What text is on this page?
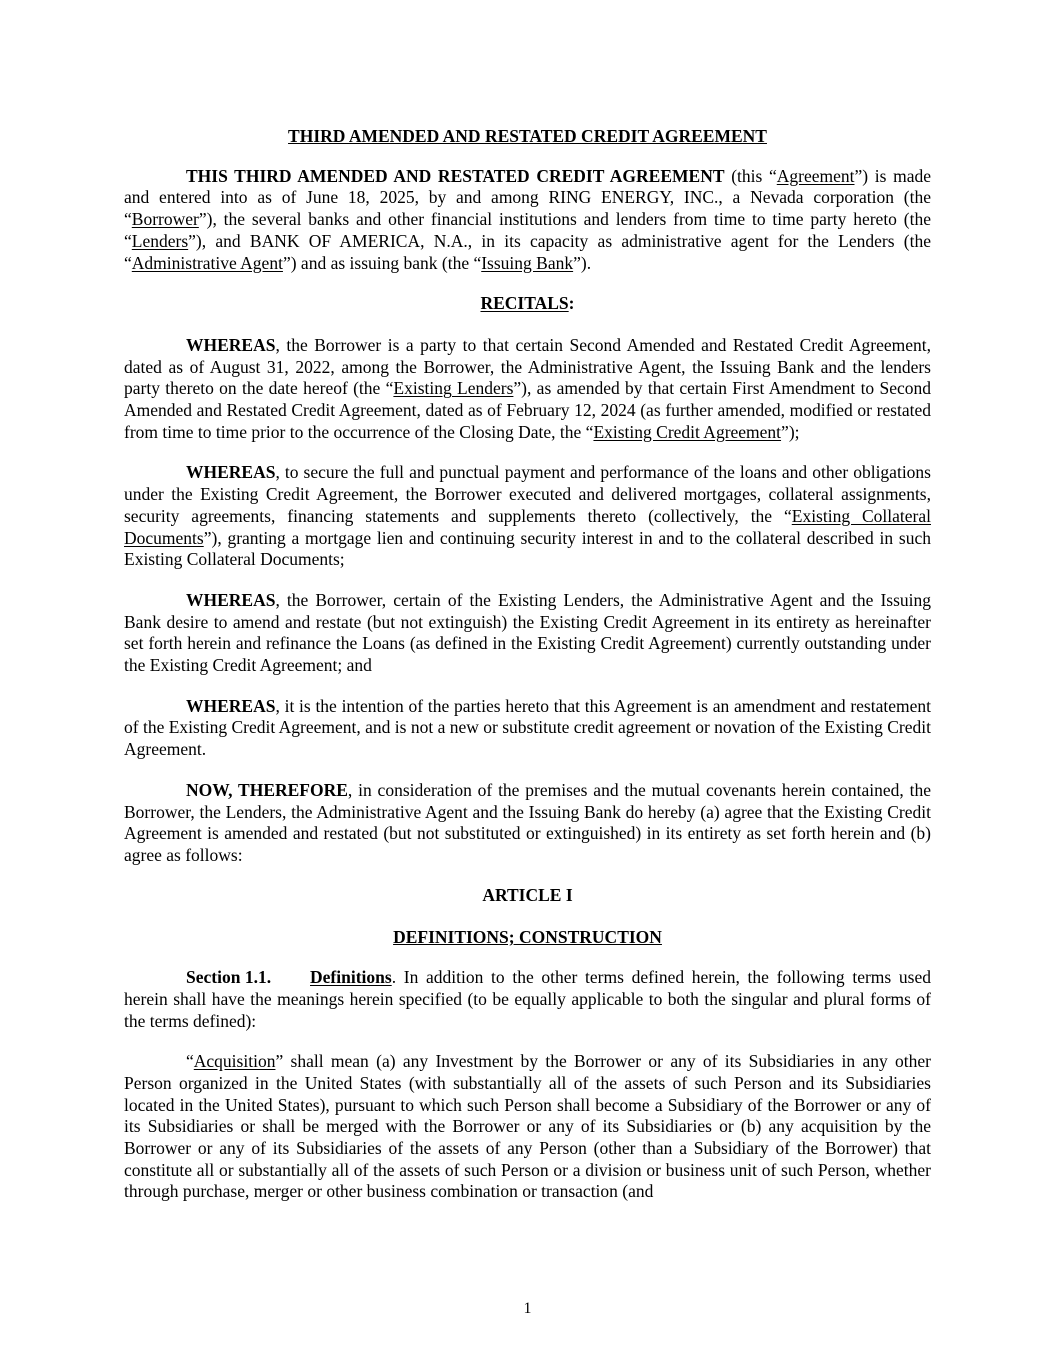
THIRD AMENDED AND RESTATED CREDIT AGREEMENT

THIS THIRD AMENDED AND RESTATED CREDIT AGREEMENT (this “Agreement”) is made and entered into as of June 18, 2025, by and among RING ENERGY, INC., a Nevada corporation (the “Borrower”), the several banks and other financial institutions and lenders from time to time party hereto (the “Lenders”), and BANK OF AMERICA, N.A., in its capacity as administrative agent for the Lenders (the “Administrative Agent”) and as issuing bank (the “Issuing Bank”).

RECITALS:

WHEREAS, the Borrower is a party to that certain Second Amended and Restated Credit Agreement, dated as of August 31, 2022, among the Borrower, the Administrative Agent, the Issuing Bank and the lenders party thereto on the date hereof (the “Existing Lenders”), as amended by that certain First Amendment to Second Amended and Restated Credit Agreement, dated as of February 12, 2024 (as further amended, modified or restated from time to time prior to the occurrence of the Closing Date, the “Existing Credit Agreement”);

WHEREAS, to secure the full and punctual payment and performance of the loans and other obligations under the Existing Credit Agreement, the Borrower executed and delivered mortgages, collateral assignments, security agreements, financing statements and supplements thereto (collectively, the “Existing Collateral Documents”), granting a mortgage lien and continuing security interest in and to the collateral described in such Existing Collateral Documents;

WHEREAS, the Borrower, certain of the Existing Lenders, the Administrative Agent and the Issuing Bank desire to amend and restate (but not extinguish) the Existing Credit Agreement in its entirety as hereinafter set forth herein and refinance the Loans (as defined in the Existing Credit Agreement) currently outstanding under the Existing Credit Agreement; and

WHEREAS, it is the intention of the parties hereto that this Agreement is an amendment and restatement of the Existing Credit Agreement, and is not a new or substitute credit agreement or novation of the Existing Credit Agreement.

NOW, THEREFORE, in consideration of the premises and the mutual covenants herein contained, the Borrower, the Lenders, the Administrative Agent and the Issuing Bank do hereby (a) agree that the Existing Credit Agreement is amended and restated (but not substituted or extinguished) in its entirety as set forth herein and (b) agree as follows:

ARTICLE I

DEFINITIONS; CONSTRUCTION

Section 1.1. Definitions. In addition to the other terms defined herein, the following terms used herein shall have the meanings herein specified (to be equally applicable to both the singular and plural forms of the terms defined):

“Acquisition” shall mean (a) any Investment by the Borrower or any of its Subsidiaries in any other Person organized in the United States (with substantially all of the assets of such Person and its Subsidiaries located in the United States), pursuant to which such Person shall become a Subsidiary of the Borrower or any of its Subsidiaries or shall be merged with the Borrower or any of its Subsidiaries or (b) any acquisition by the Borrower or any of its Subsidiaries of the assets of any Person (other than a Subsidiary of the Borrower) that constitute all or substantially all of the assets of such Person or a division or business unit of such Person, whether through purchase, merger or other business combination or transaction (and

1
